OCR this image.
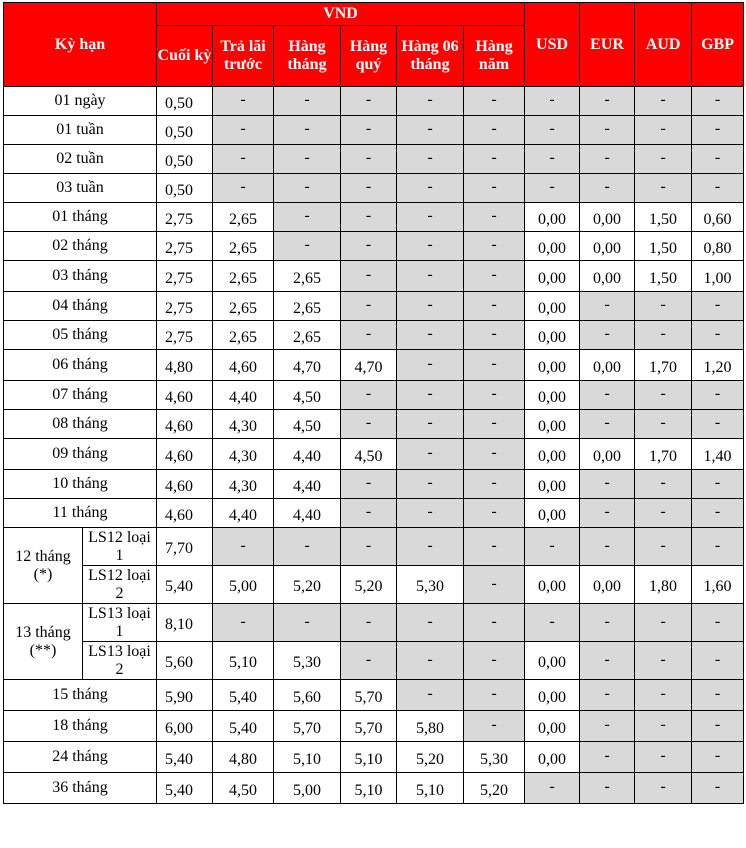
Kỳ hạn		VND						USD	EUR	AUD	GBP
		Cuối kỳ	Trả lãi trước	Hàng tháng	Hàng quý	Hàng 06 tháng	Hàng năm				
01 ngày		0,50	-	-	-	-	-	-	-	-	-
01 tuần		0,50	-	-	-	-	-	-	-	-	-
02 tuần		0,50	-	-	-	-	-	-	-	-	-
03 tuần		0,50	-	-	-	-	-	-	-	-	-
01 tháng		2,75	2,65	-	-	-	-	0,00	0,00	1,50	0,60
02 tháng		2,75	2,65	-	-	-	-	0,00	0,00	1,50	0,80
03 tháng		2,75	2,65	2,65	-	-	-	0,00	0,00	1,50	1,00
04 tháng		2,75	2,65	2,65	-	-	-	0,00	-	-	-
05 tháng		2,75	2,65	2,65	-	-	-	0,00	-	-	-
06 tháng		4,80	4,60	4,70	4,70	-	-	0,00	0,00	1,70	1,20
07 tháng		4,60	4,40	4,50	-	-	-	0,00	-	-	-
08 tháng		4,60	4,30	4,50	-	-	-	0,00	-	-	-
09 tháng		4,60	4,30	4,40	4,50	-	-	0,00	0,00	1,70	1,40
10 tháng		4,60	4,30	4,40	-	-	-	0,00	-	-	-
11 tháng		4,60	4,40	4,40	-	-	-	0,00	-	-	-
12 tháng (*)	LS12 loại 1	7,70	-	-	-	-	-	-	-	-	-
	LS12 loại 2	5,40	5,00	5,20	5,20	5,30	-	0,00	0,00	1,80	1,60
13 tháng (**)	LS13 loại 1	8,10	-	-	-	-	-	-	-	-	-
	LS13 loại 2	5,60	5,10	5,30	-	-	-	0,00	-	-	-
15 tháng		5,90	5,40	5,60	5,70	-	-	0,00	-	-	-
18 tháng		6,00	5,40	5,70	5,70	5,80	-	0,00	-	-	-
24 tháng		5,40	4,80	5,10	5,10	5,20	5,30	0,00	-	-	-
36 tháng		5,40	4,50	5,00	5,10	5,10	5,20	-	-	-	-
